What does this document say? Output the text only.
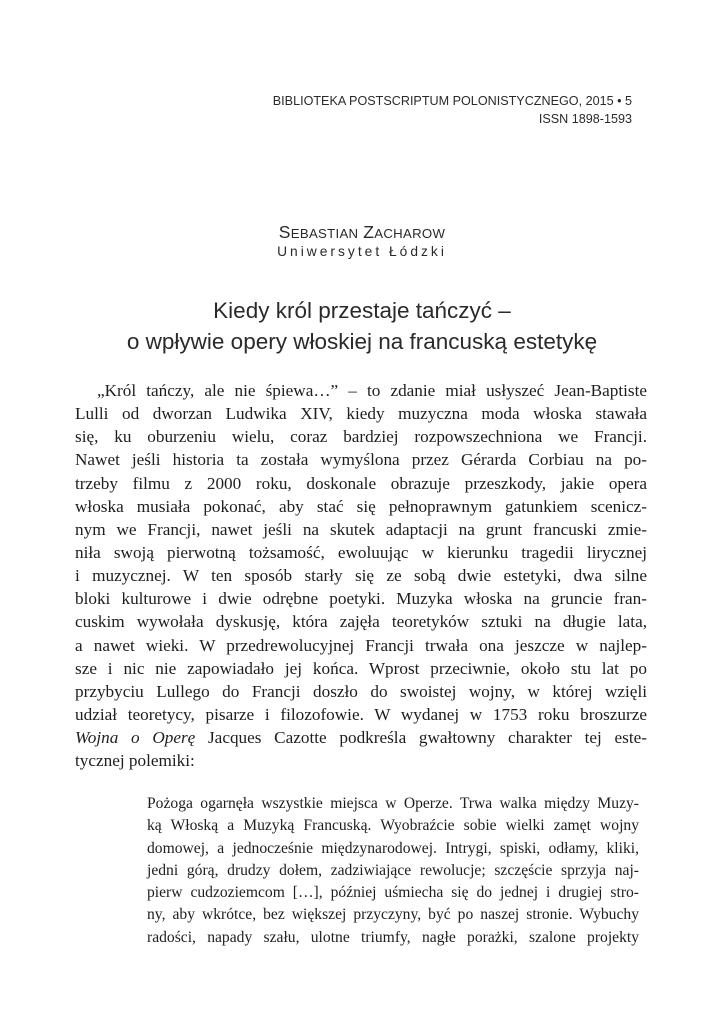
BIBLIOTEKA POSTSCRIPTUM POLONISTYCZNEGO, 2015 • 5
ISSN 1898-1593
SEBASTIAN ZACHAROW
Uniwersytet Łódzki
Kiedy król przestaje tańczyć –
o wpływie opery włoskiej na francuską estetykę
„Król tańczy, ale nie śpiewa…” – to zdanie miał usłyszeć Jean-Baptiste
Lulli od dworzan Ludwika XIV, kiedy muzyczna moda włoska stawała
się, ku oburzeniu wielu, coraz bardziej rozpowszechniona we Francji.
Nawet jeśli historia ta została wymyślona przez Gérarda Corbiau na po-
trzeby filmu z 2000 roku, doskonale obrazuje przeszkody, jakie opera
włoska musiała pokonać, aby stać się pełnoprawnym gatunkiem scenicz-
nym we Francji, nawet jeśli na skutek adaptacji na grunt francuski zmie-
niła swoją pierwotną tożsamość, ewoluując w kierunku tragedii lirycznej
i muzycznej. W ten sposób starły się ze sobą dwie estetyki, dwa silne
bloki kulturowe i dwie odrębne poetyki. Muzyka włoska na gruncie fran-
cuskim wywołała dyskusję, która zajęła teoretyków sztuki na długie lata,
a nawet wieki. W przedrewolucyjnej Francji trwała ona jeszcze w najlep-
sze i nic nie zapowiadało jej końca. Wprost przeciwnie, około stu lat po
przybyciu Lullego do Francji doszło do swoistej wojny, w której wzięli
udział teoretycy, pisarze i filozofowie. W wydanej w 1753 roku broszurze
Wojna o Operę Jacques Cazotte podkreśla gwałtowny charakter tej este-
tycznej polemiki:
Pożoga ogarnęła wszystkie miejsca w Operze. Trwa walka między Muzy-
ką Włoską a Muzyką Francuską. Wyobraźcie sobie wielki zamęt wojny
domowej, a jednocześnie międzynarodowej. Intrygi, spiski, odłamy, kliki,
jedni górą, drudzy dołem, zadziwiające rewolucje; szczęście sprzyja naj-
pierw cudzoziemcom […], później uśmiecha się do jednej i drugiej stro-
ny, aby wkrótce, bez większej przyczyny, być po naszej stronie. Wybuchy
radości, napady szału, ulotne triumfy, nagłe porażki, szalone projekty
